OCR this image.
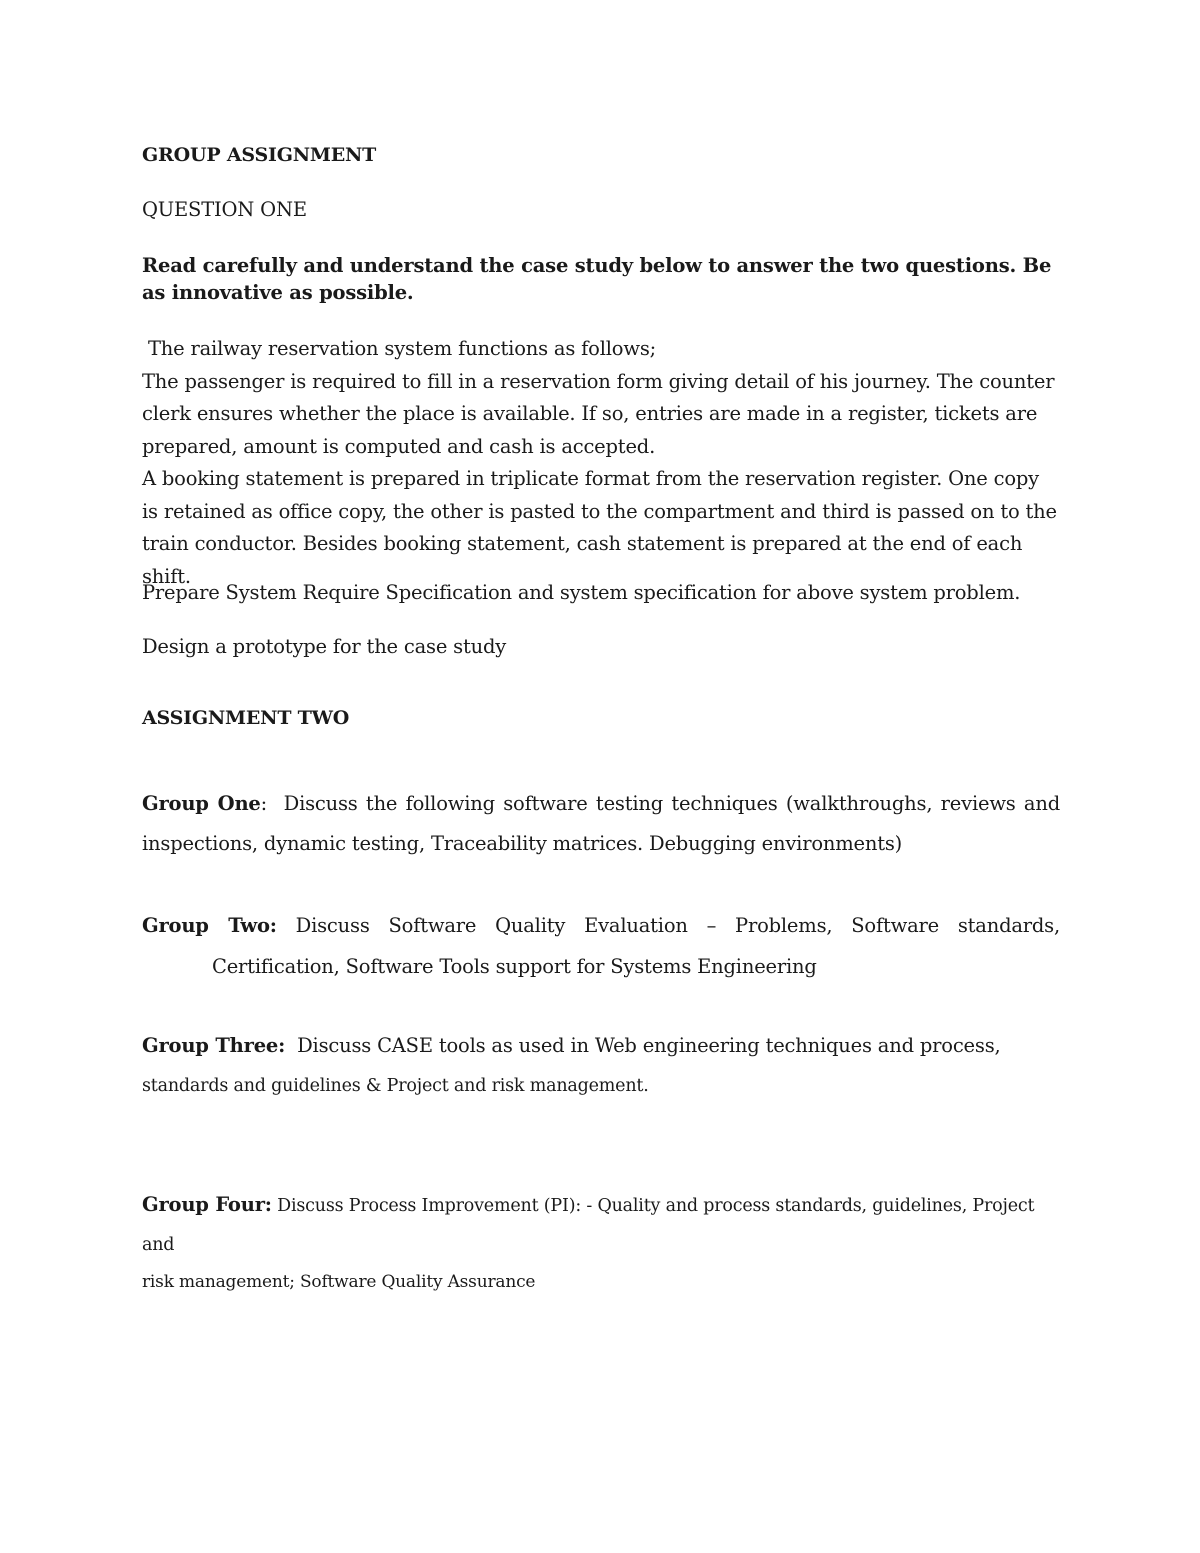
GROUP ASSIGNMENT
QUESTION ONE
Read carefully and understand the case study below to answer the two questions. Be as innovative as possible.

The railway reservation system functions as follows;

The passenger is required to fill in a reservation form giving detail of his journey. The counter clerk ensures whether the place is available. If so, entries are made in a register, tickets are prepared, amount is computed and cash is accepted.

A booking statement is prepared in triplicate format from the reservation register. One copy is retained as office copy, the other is pasted to the compartment and third is passed on to the train conductor. Besides booking statement, cash statement is prepared at the end of each shift.

Prepare System Require Specification and system specification for above system problem.
Design a prototype for the case study
ASSIGNMENT TWO
Group One:  Discuss the following software testing techniques (walkthroughs, reviews and inspections, dynamic testing, Traceability matrices. Debugging environments)
Group Two: Discuss Software Quality Evaluation – Problems, Software standards,
Certification, Software Tools support for Systems Engineering
Group Three:  Discuss CASE tools as used in Web engineering techniques and process,
standards and guidelines & Project and risk management.
Group Four: Discuss Process Improvement (PI): - Quality and process standards, guidelines, Project and
risk management; Software Quality Assurance
